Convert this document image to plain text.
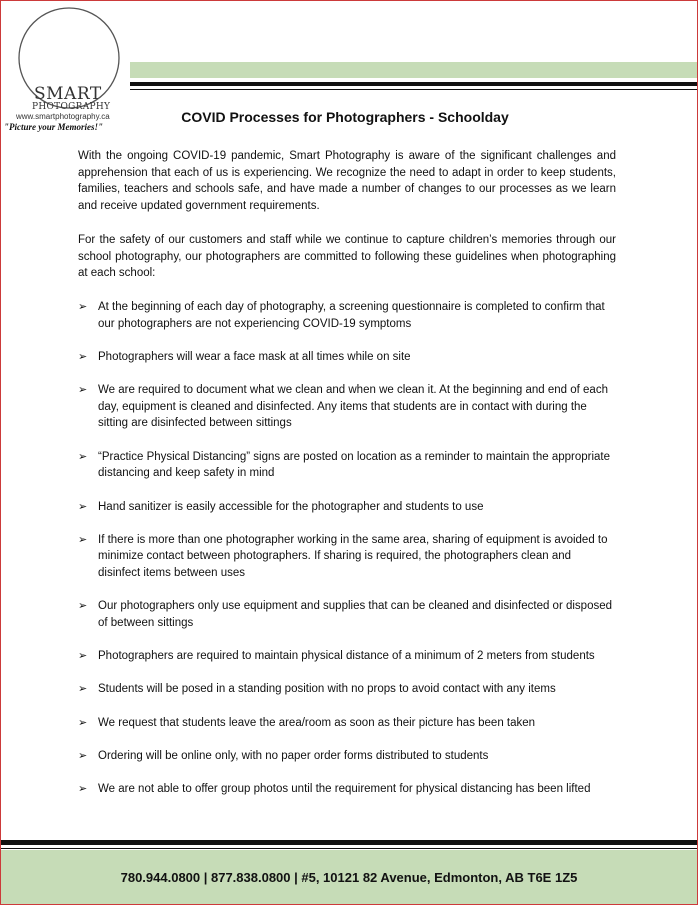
SMART
PHOTOGRAPHY
www.smartphotography.ca
"Picture your Memories!"
COVID Processes for Photographers - Schoolday

With the ongoing COVID-19 pandemic, Smart Photography is aware of the significant challenges and apprehension that each of us is experiencing. We recognize the need to adapt in order to keep students, families, teachers and schools safe, and have made a number of changes to our processes as we learn and receive updated government requirements.

For the safety of our customers and staff while we continue to capture children’s memories through our school photography, our photographers are committed to following these guidelines when photographing at each school:

➢ At the beginning of each day of photography, a screening questionnaire is completed to confirm that our photographers are not experiencing COVID-19 symptoms
➢ Photographers will wear a face mask at all times while on site
➢ We are required to document what we clean and when we clean it. At the beginning and end of each day, equipment is cleaned and disinfected. Any items that students are in contact with during the sitting are disinfected between sittings
➢ “Practice Physical Distancing” signs are posted on location as a reminder to maintain the appropriate distancing and keep safety in mind
➢ Hand sanitizer is easily accessible for the photographer and students to use
➢ If there is more than one photographer working in the same area, sharing of equipment is avoided to minimize contact between photographers. If sharing is required, the photographers clean and disinfect items between uses
➢ Our photographers only use equipment and supplies that can be cleaned and disinfected or disposed of between sittings
➢ Photographers are required to maintain physical distance of a minimum of 2 meters from students
➢ Students will be posed in a standing position with no props to avoid contact with any items
➢ We request that students leave the area/room as soon as their picture has been taken
➢ Ordering will be online only, with no paper order forms distributed to students
➢ We are not able to offer group photos until the requirement for physical distancing has been lifted
780.944.0800 | 877.838.0800 | #5, 10121 82 Avenue, Edmonton, AB T6E 1Z5
